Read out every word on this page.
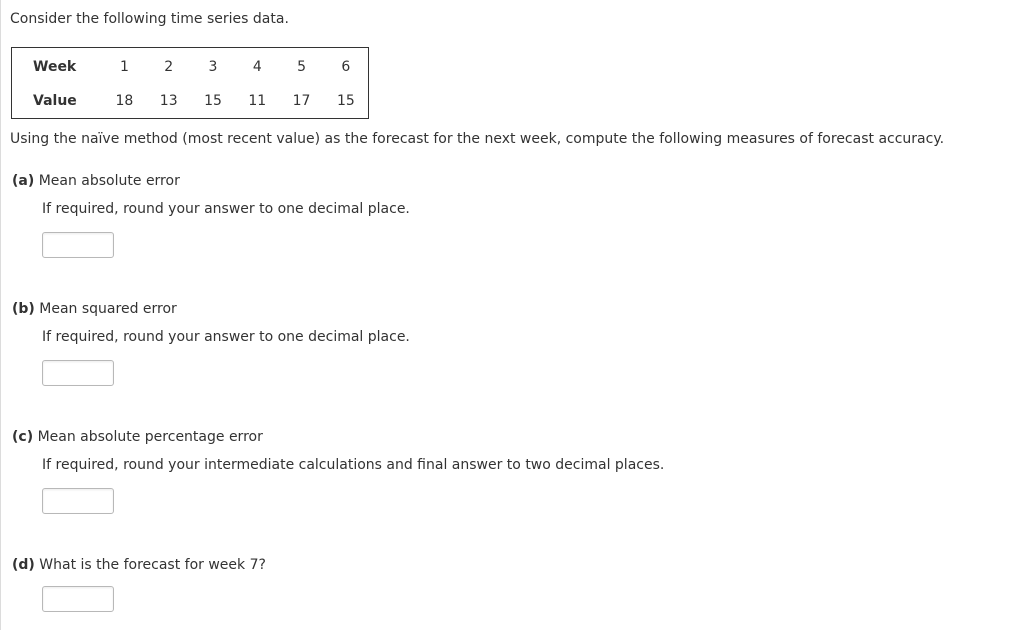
Consider the following time series data.
Week	1	2	3	4	5	6
Value	18	13	15	11	17	15
Using the naïve method (most recent value) as the forecast for the next week, compute the following measures of forecast accuracy.
(a) Mean absolute error
If required, round your answer to one decimal place.
(b) Mean squared error
If required, round your answer to one decimal place.
(c) Mean absolute percentage error
If required, round your intermediate calculations and final answer to two decimal places.
(d) What is the forecast for week 7?
